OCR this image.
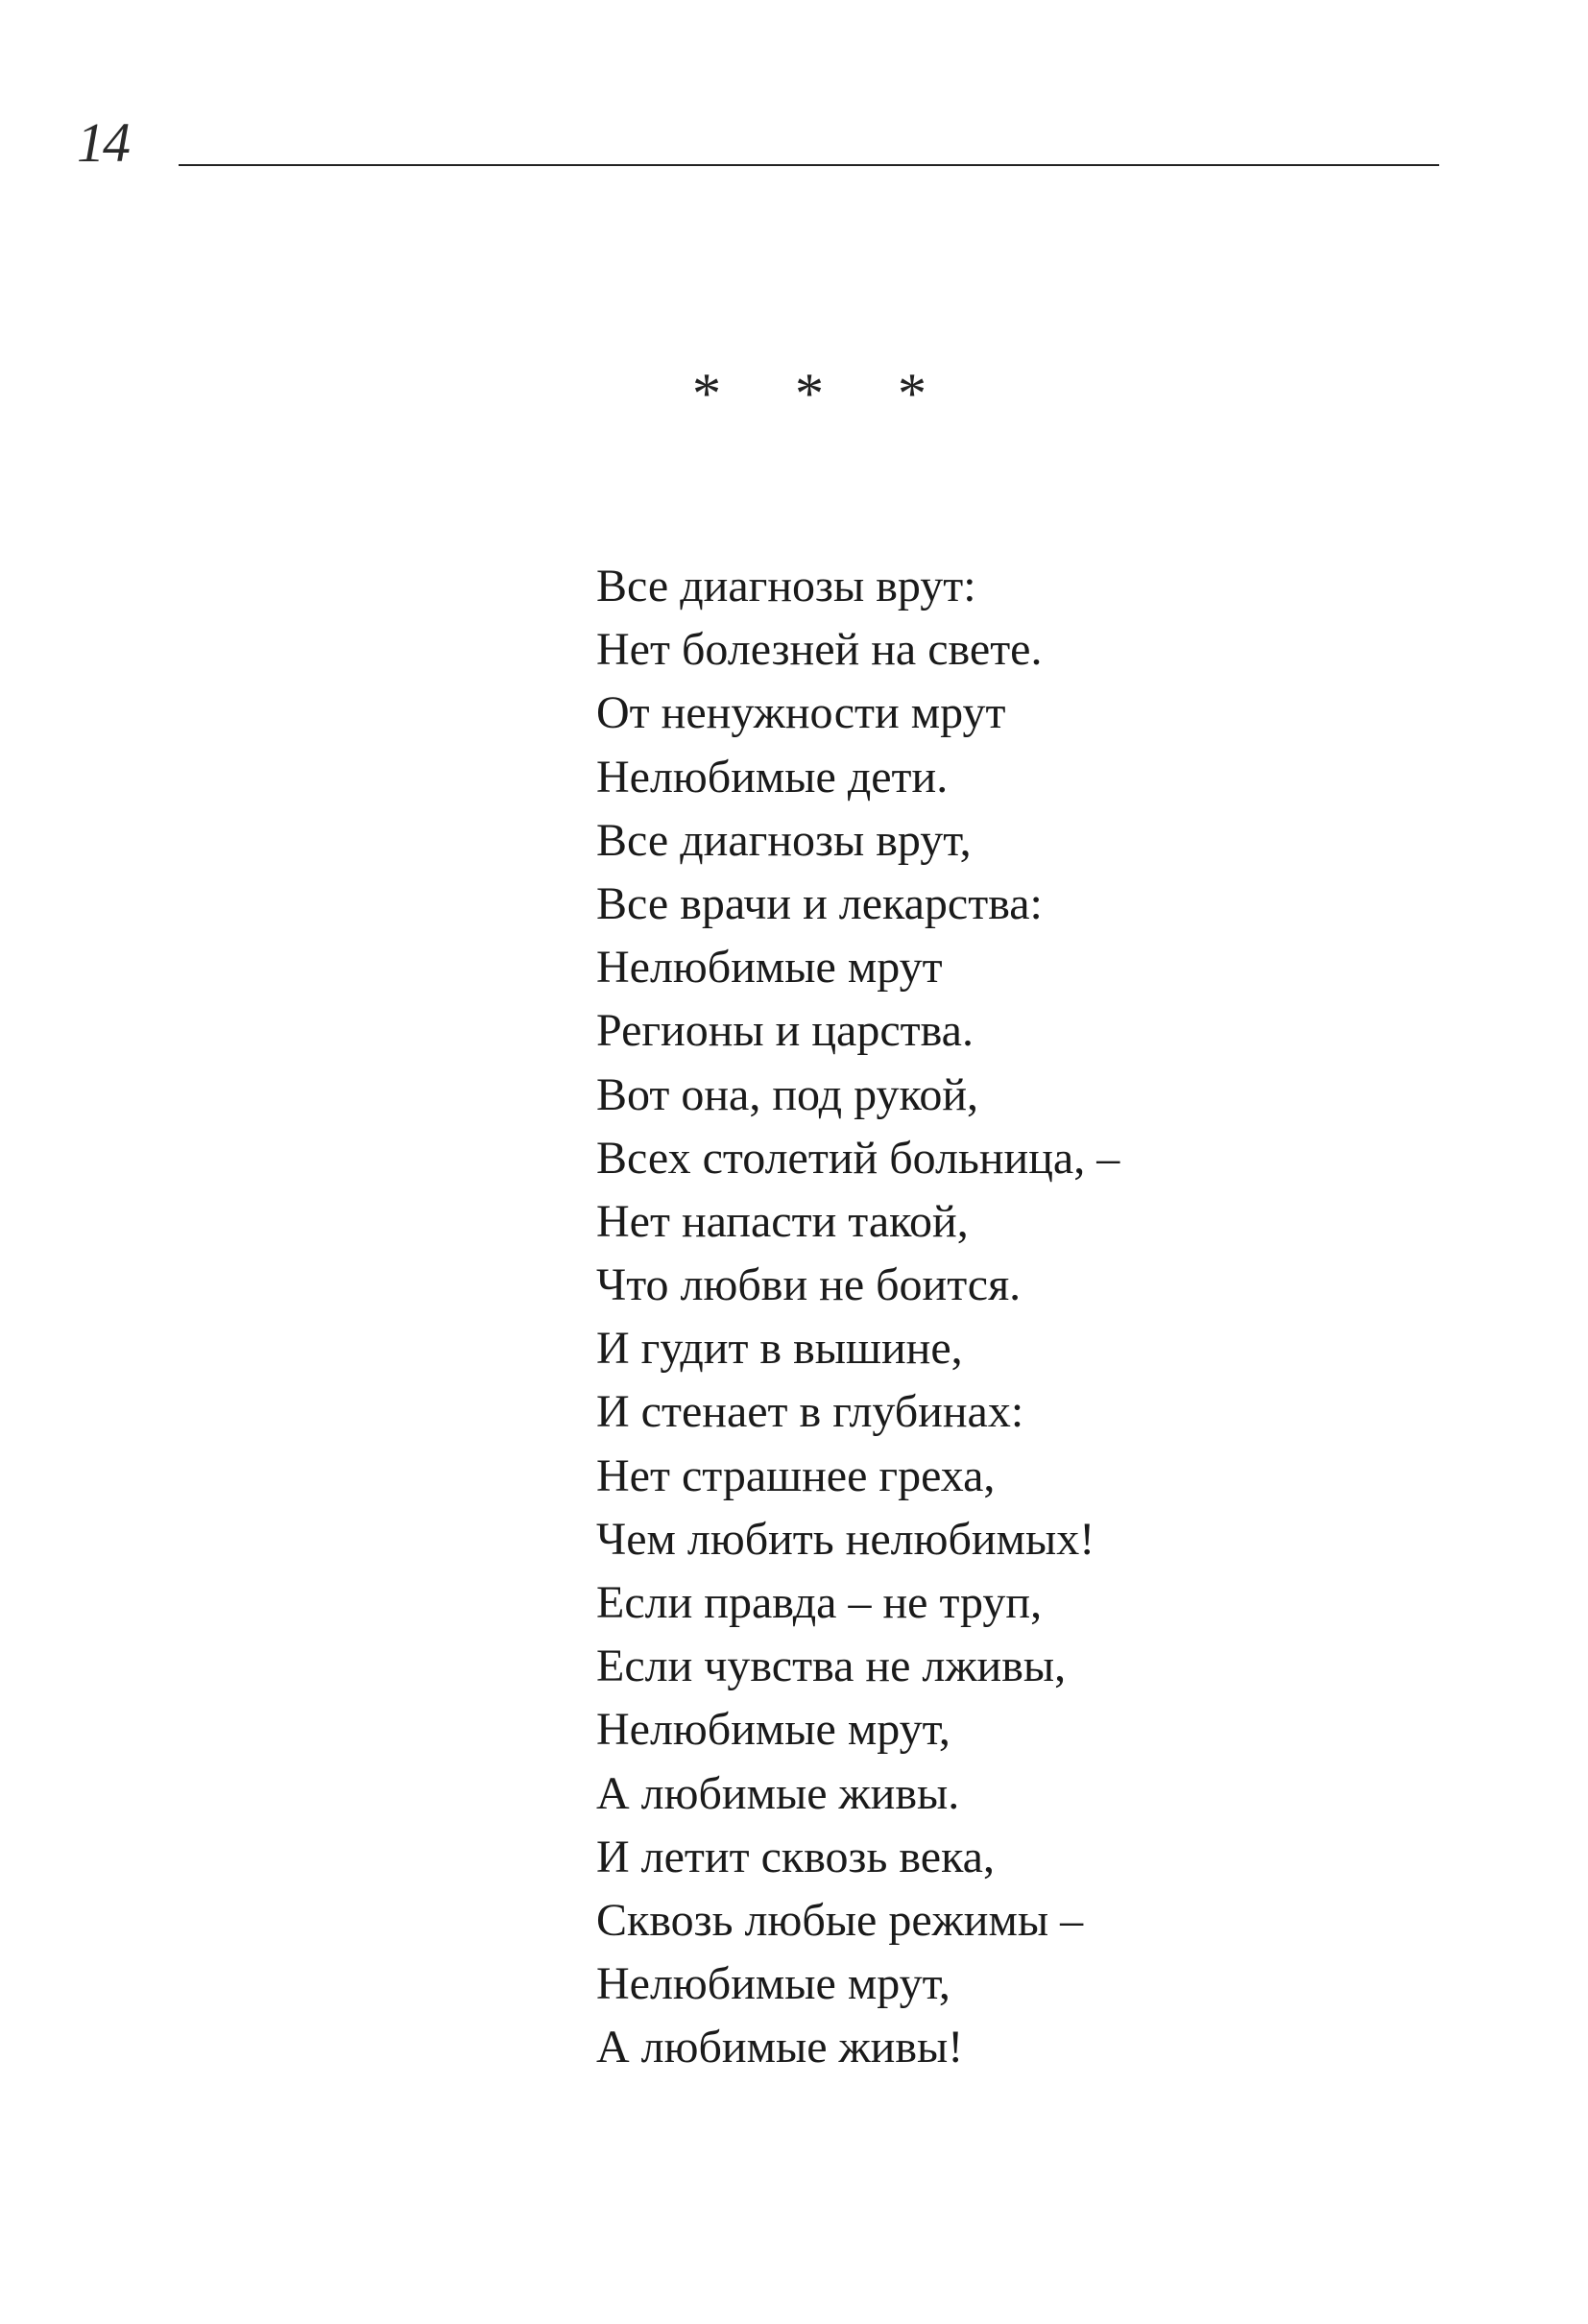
14
* * *
Все диагнозы врут:
Нет болезней на свете.
От ненужности мрут
Нелюбимые дети.
Все диагнозы врут,
Все врачи и лекарства:
Нелюбимые мрут
Регионы и царства.
Вот она, под рукой,
Всех столетий больница, –
Нет напасти такой,
Что любви не боится.
И гудит в вышине,
И стенает в глубинах:
Нет страшнее греха,
Чем любить нелюбимых!
Если правда – не труп,
Если чувства не лживы,
Нелюбимые мрут,
А любимые живы.
И летит сквозь века,
Сквозь любые режимы –
Нелюбимые мрут,
А любимые живы!
